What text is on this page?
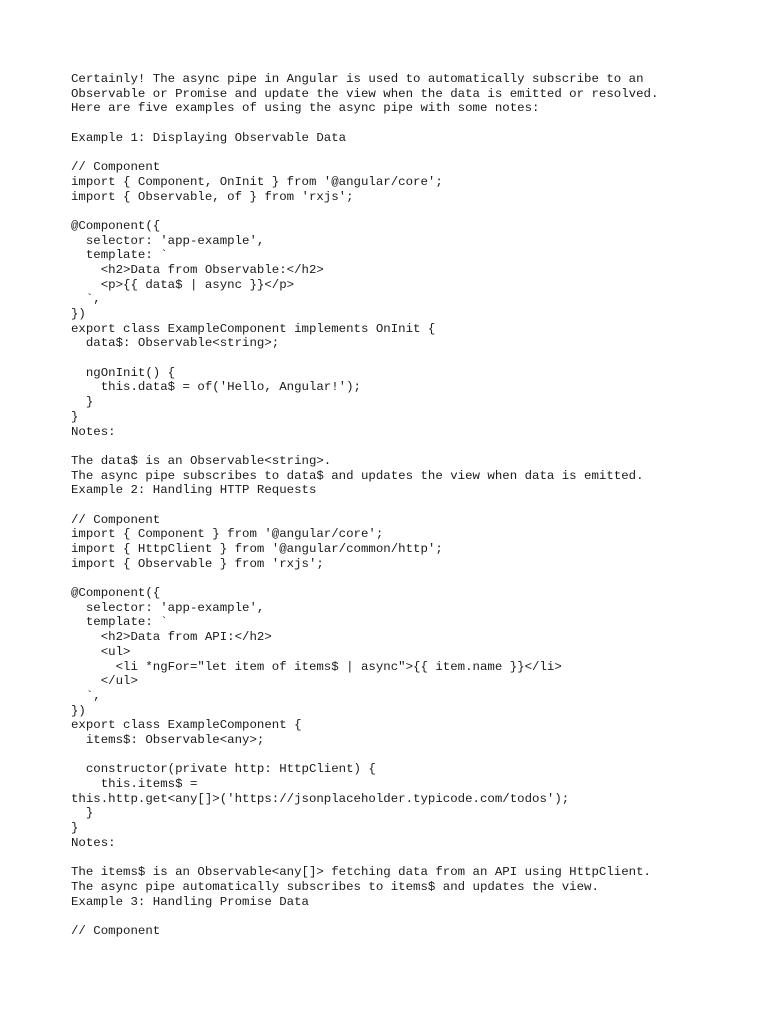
Certainly! The async pipe in Angular is used to automatically subscribe to an
Observable or Promise and update the view when the data is emitted or resolved.
Here are five examples of using the async pipe with some notes:
Example 1: Displaying Observable Data
// Component
import { Component, OnInit } from '@angular/core';
import { Observable, of } from 'rxjs';
@Component({
selector: 'app-example',
template: `
<h2>Data from Observable:</h2>
<p>{{ data$ | async }}</p>
`,
})
export class ExampleComponent implements OnInit {
data$: Observable<string>;
ngOnInit() {
this.data$ = of('Hello, Angular!');
}
}
Notes:
The data$ is an Observable<string>.
The async pipe subscribes to data$ and updates the view when data is emitted.
Example 2: Handling HTTP Requests
// Component
import { Component } from '@angular/core';
import { HttpClient } from '@angular/common/http';
import { Observable } from 'rxjs';
@Component({
selector: 'app-example',
template: `
<h2>Data from API:</h2>
<ul>
<li *ngFor="let item of items$ | async">{{ item.name }}</li>
</ul>
`,
})
export class ExampleComponent {
items$: Observable<any>;
constructor(private http: HttpClient) {
this.items$ =
this.http.get<any[]>('https://jsonplaceholder.typicode.com/todos');
}
}
Notes:
The items$ is an Observable<any[]> fetching data from an API using HttpClient.
The async pipe automatically subscribes to items$ and updates the view.
Example 3: Handling Promise Data
// Component
